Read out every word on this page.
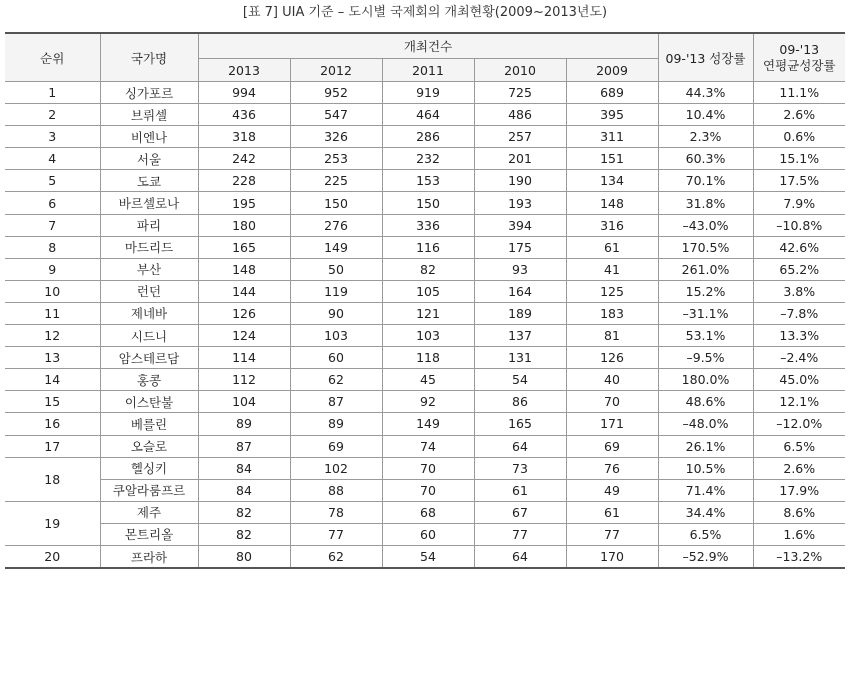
[표 7] UIA 기준 – 도시별 국제회의 개최현황(2009~2013년도)
순위	국가명	개최건수					09-'13 성장률	09-'13
연평균성장률

		2013	2012	2011	2010	2009		
1	싱가포르	994	952	919	725	689	44.3%	11.1%
2	브뤼셀	436	547	464	486	395	10.4%	2.6%
3	비엔나	318	326	286	257	311	2.3%	0.6%
4	서울	242	253	232	201	151	60.3%	15.1%
5	도쿄	228	225	153	190	134	70.1%	17.5%
6	바르셀로나	195	150	150	193	148	31.8%	7.9%
7	파리	180	276	336	394	316	–43.0%	–10.8%
8	마드리드	165	149	116	175	61	170.5%	42.6%
9	부산	148	50	82	93	41	261.0%	65.2%
10	런던	144	119	105	164	125	15.2%	3.8%
11	제네바	126	90	121	189	183	–31.1%	–7.8%
12	시드니	124	103	103	137	81	53.1%	13.3%
13	암스테르담	114	60	118	131	126	–9.5%	–2.4%
14	홍콩	112	62	45	54	40	180.0%	45.0%
15	이스탄불	104	87	92	86	70	48.6%	12.1%
16	베를린	89	89	149	165	171	–48.0%	–12.0%
17	오슬로	87	69	74	64	69	26.1%	6.5%
18	헬싱키	84	102	70	73	76	10.5%	2.6%
	쿠알라룸프르	84	88	70	61	49	71.4%	17.9%
19	제주	82	78	68	67	61	34.4%	8.6%
	몬트리올	82	77	60	77	77	6.5%	1.6%
20	프라하	80	62	54	64	170	–52.9%	–13.2%
